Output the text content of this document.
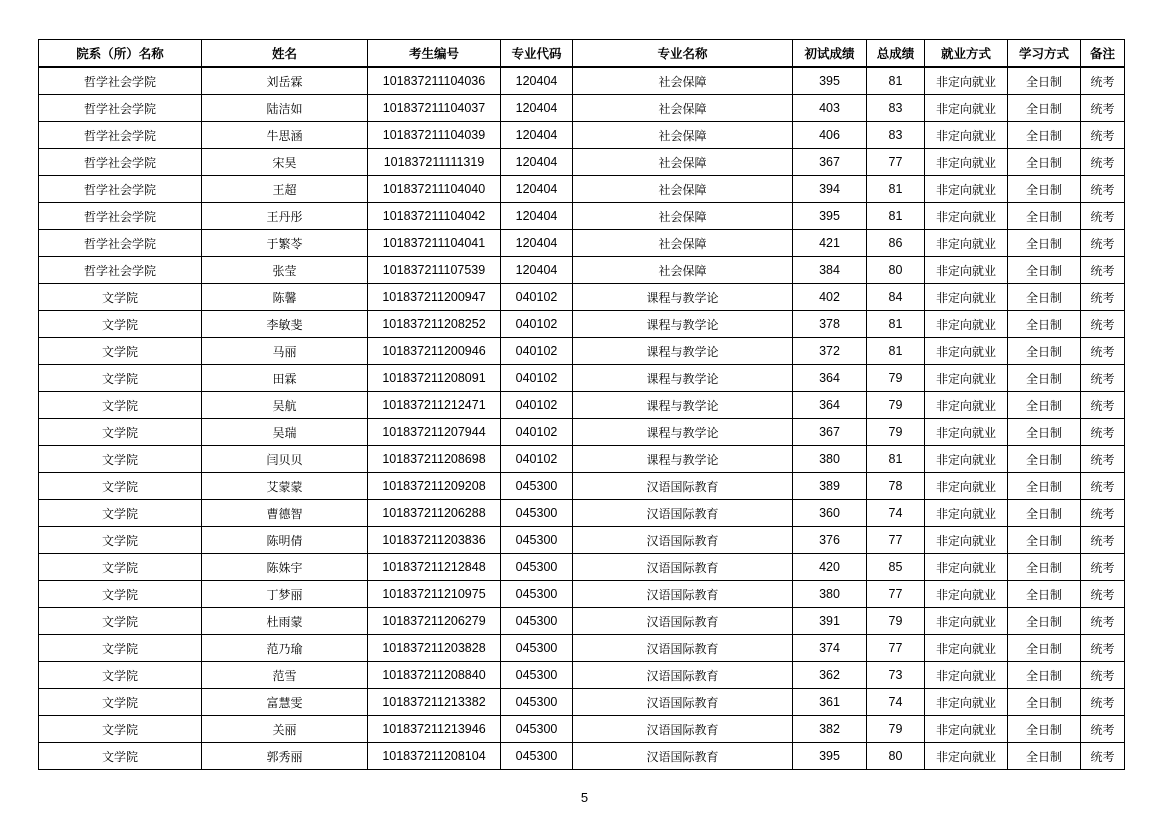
院系（所）名称	姓名	考生编号	专业代码	专业名称	初试成绩	总成绩	就业方式	学习方式	备注
哲学社会学院	刘岳霖	101837211104036	120404	社会保障	395	81	非定向就业	全日制	统考
哲学社会学院	陆洁如	101837211104037	120404	社会保障	403	83	非定向就业	全日制	统考
哲学社会学院	牛思涵	101837211104039	120404	社会保障	406	83	非定向就业	全日制	统考
哲学社会学院	宋昊	101837211111319	120404	社会保障	367	77	非定向就业	全日制	统考
哲学社会学院	王超	101837211104040	120404	社会保障	394	81	非定向就业	全日制	统考
哲学社会学院	王丹彤	101837211104042	120404	社会保障	395	81	非定向就业	全日制	统考
哲学社会学院	于繁苓	101837211104041	120404	社会保障	421	86	非定向就业	全日制	统考
哲学社会学院	张莹	101837211107539	120404	社会保障	384	80	非定向就业	全日制	统考
文学院	陈馨	101837211200947	040102	课程与教学论	402	84	非定向就业	全日制	统考
文学院	李敏斐	101837211208252	040102	课程与教学论	378	81	非定向就业	全日制	统考
文学院	马丽	101837211200946	040102	课程与教学论	372	81	非定向就业	全日制	统考
文学院	田霖	101837211208091	040102	课程与教学论	364	79	非定向就业	全日制	统考
文学院	吴航	101837211212471	040102	课程与教学论	364	79	非定向就业	全日制	统考
文学院	吴瑞	101837211207944	040102	课程与教学论	367	79	非定向就业	全日制	统考
文学院	闫贝贝	101837211208698	040102	课程与教学论	380	81	非定向就业	全日制	统考
文学院	艾蒙蒙	101837211209208	045300	汉语国际教育	389	78	非定向就业	全日制	统考
文学院	曹德智	101837211206288	045300	汉语国际教育	360	74	非定向就业	全日制	统考
文学院	陈明倩	101837211203836	045300	汉语国际教育	376	77	非定向就业	全日制	统考
文学院	陈姝宇	101837211212848	045300	汉语国际教育	420	85	非定向就业	全日制	统考
文学院	丁梦丽	101837211210975	045300	汉语国际教育	380	77	非定向就业	全日制	统考
文学院	杜雨蒙	101837211206279	045300	汉语国际教育	391	79	非定向就业	全日制	统考
文学院	范乃瑜	101837211203828	045300	汉语国际教育	374	77	非定向就业	全日制	统考
文学院	范雪	101837211208840	045300	汉语国际教育	362	73	非定向就业	全日制	统考
文学院	富慧雯	101837211213382	045300	汉语国际教育	361	74	非定向就业	全日制	统考
文学院	关丽	101837211213946	045300	汉语国际教育	382	79	非定向就业	全日制	统考
文学院	郭秀丽	101837211208104	045300	汉语国际教育	395	80	非定向就业	全日制	统考
5
